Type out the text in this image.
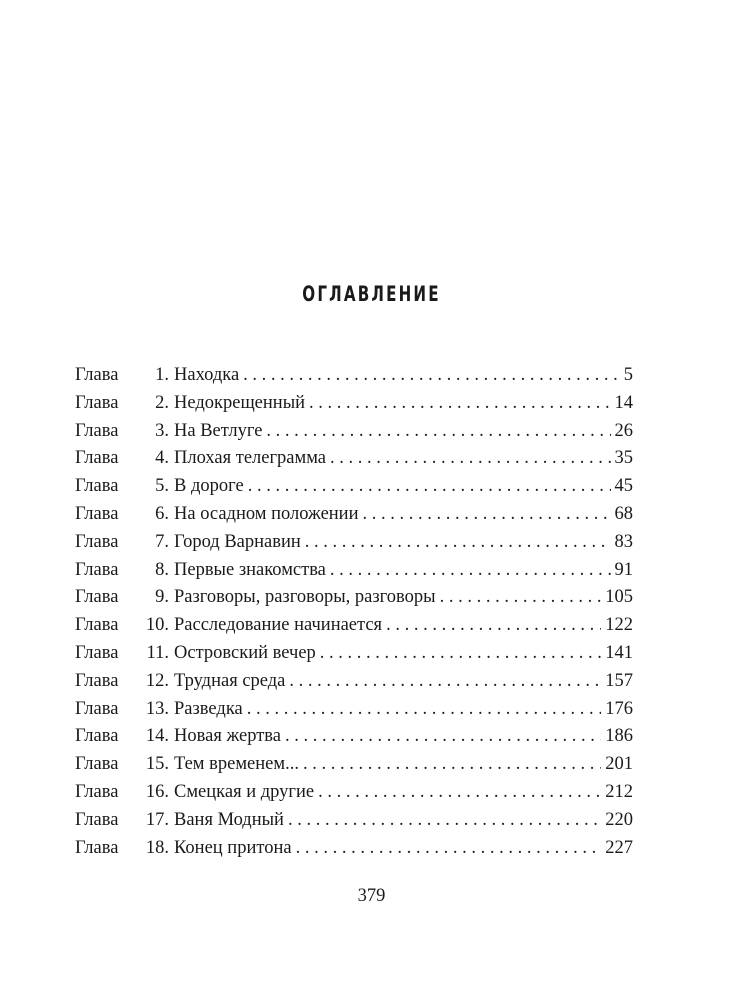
ОГЛАВЛЕНИЕ
Глава	1. Находка . . .	5
Глава	2. Недокрещенный . . .	14
Глава	3. На Ветлуге . . .	26
Глава	4. Плохая телеграмма . . .	35
Глава	5. В дороге . . .	45
Глава	6. На осадном положении . . .	68
Глава	7. Город Варнавин . . .	83
Глава	8. Первые знакомства . . .	91
Глава	9. Разговоры, разговоры, разговоры . . .	105
Глава	10. Расследование начинается . . .	122
Глава	11. Островский вечер . . .	141
Глава	12. Трудная среда . . .	157
Глава	13. Разведка . . .	176
Глава	14. Новая жертва . . .	186
Глава	15. Тем временем... . . .	201
Глава	16. Смецкая и другие . . .	212
Глава	17. Ваня Модный . . .	220
Глава	18. Конец притона . . .	227
379
